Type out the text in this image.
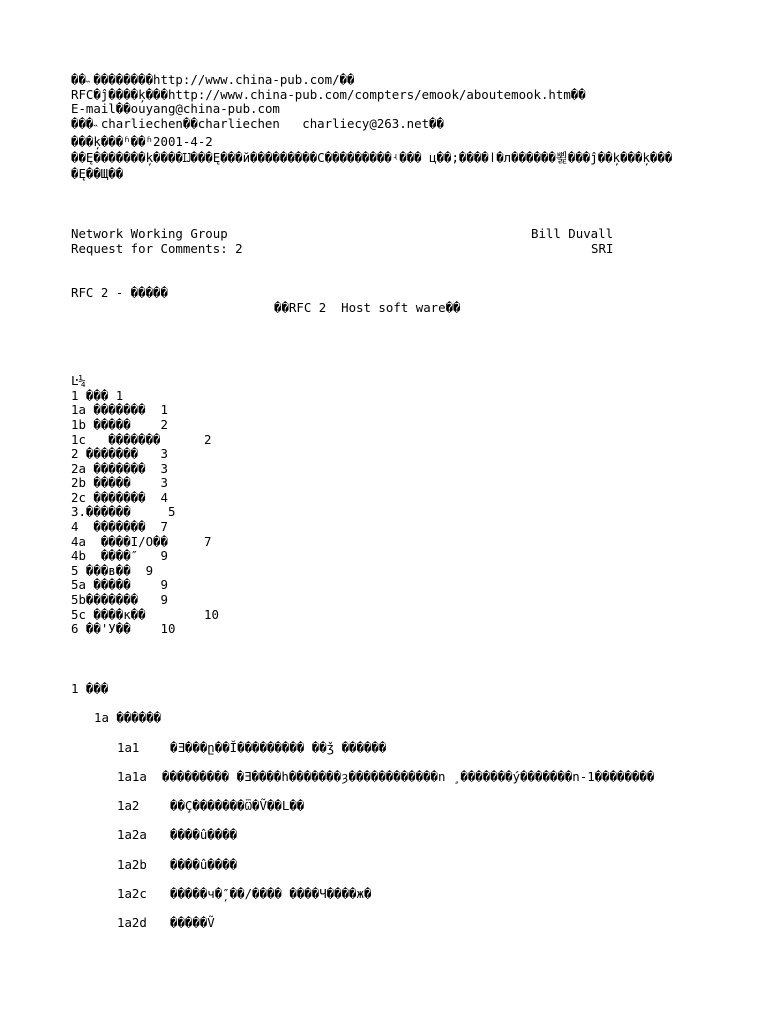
��˵��������http://www.china-pub.com/��
RFC�ĵ����ķ���http://www.china-pub.com/compters/emook/aboutemook.htm��
E-mail��ouyang@china-pub.com
���˵charliechen��charliechen   charliecy@263.net��
���ķ���ʱ��ʱ2001-4-2
��Ę�������ķ����Ĳ���Ę���й���������С���������ʵ��� ц��;����ا�л������뾡���ĵ��ķ���ķ���
�Ę��Щ��
Network Working Group	Bill Duvall
Request for Comments: 2	SRI
RFC 2 - �����
��RFC 2  Host soft ware��
Ŀ¼
1 ��� 1
1a �������  1
1b �����    2
1c   �������	2
2 �������   3
2a �������  3
2b �����    3
2c �������  4
3.������     5
4  �������  7
4a  ����I/O��	7
4b  ����″   9
5 ���ʙ��  9
5a �����    9
5b�������   9
5c ����к��	10
6 ��'У��    10
1 ���
1a ������
1a1 �Ǝ���ը��Ĭ��������� ��ǯ ������
1a1a ��������� �Ǝ����h�������ȝ������������n ¸�������ý�������n-1��������
1a2 ��Ç�������Ѿ�Ṽ��L��
1a2a ����û����
1a2b ����û����
1a2c �����ч�̦″��/���� ����Ч����ж�
1a2d �����Ṽ
